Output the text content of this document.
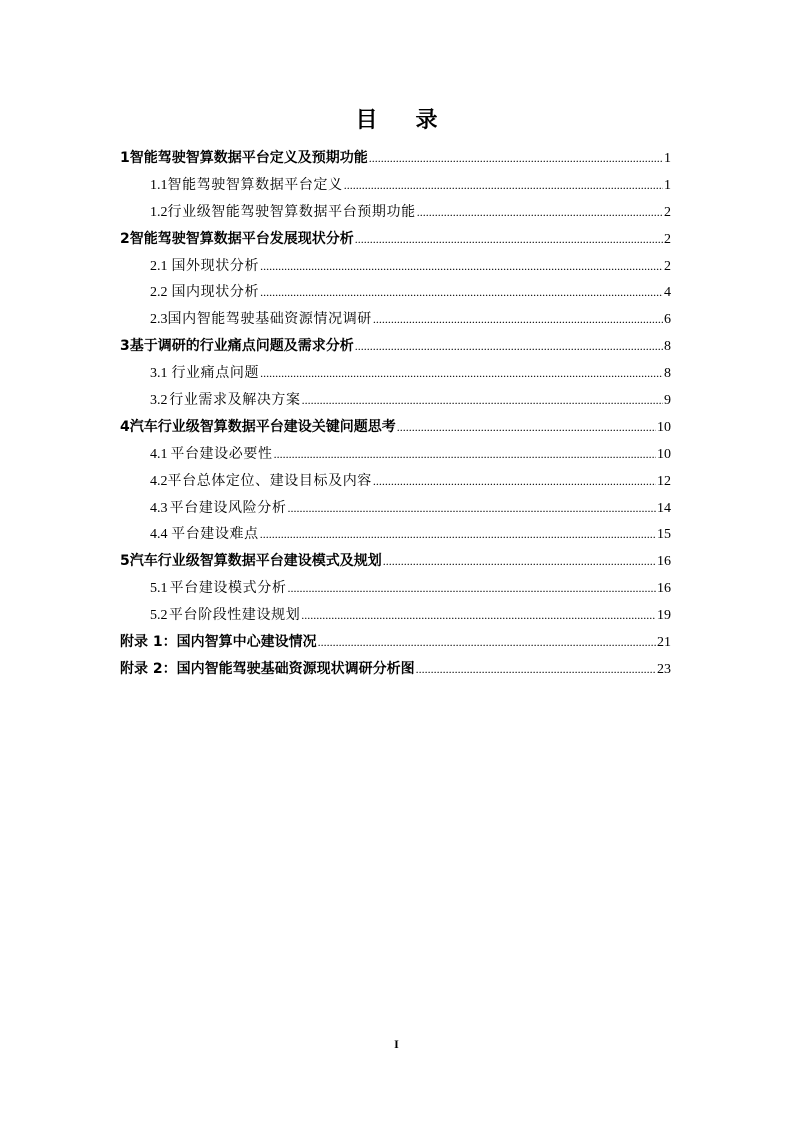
目 录
1 智能驾驶智算数据平台定义及预期功能 .....	1
1.1 智能驾驶智算数据平台定义 .....	1
1.2 行业级智能驾驶智算数据平台预期功能 .....	2
2 智能驾驶智算数据平台发展现状分析 .....	2
2.1 国外现状分析 .....	2
2.2 国内现状分析 .....	4
2.3 国内智能驾驶基础资源情况调研 .....	6
3 基于调研的行业痛点问题及需求分析 .....	8
3.1 行业痛点问题 .....	8
3.2 行业需求及解决方案 .....	9
4 汽车行业级智算数据平台建设关键问题思考 .....	10
4.1 平台建设必要性 .....	10
4.2 平台总体定位、建设目标及内容 .....	12
4.3 平台建设风险分析 .....	14
4.4 平台建设难点 .....	15
5 汽车行业级智算数据平台建设模式及规划 .....	16
5.1 平台建设模式分析 .....	16
5.2 平台阶段性建设规划 .....	19
附录 1：国内智算中心建设情况 .....	21
附录 2：国内智能驾驶基础资源现状调研分析图 .....	23
I
